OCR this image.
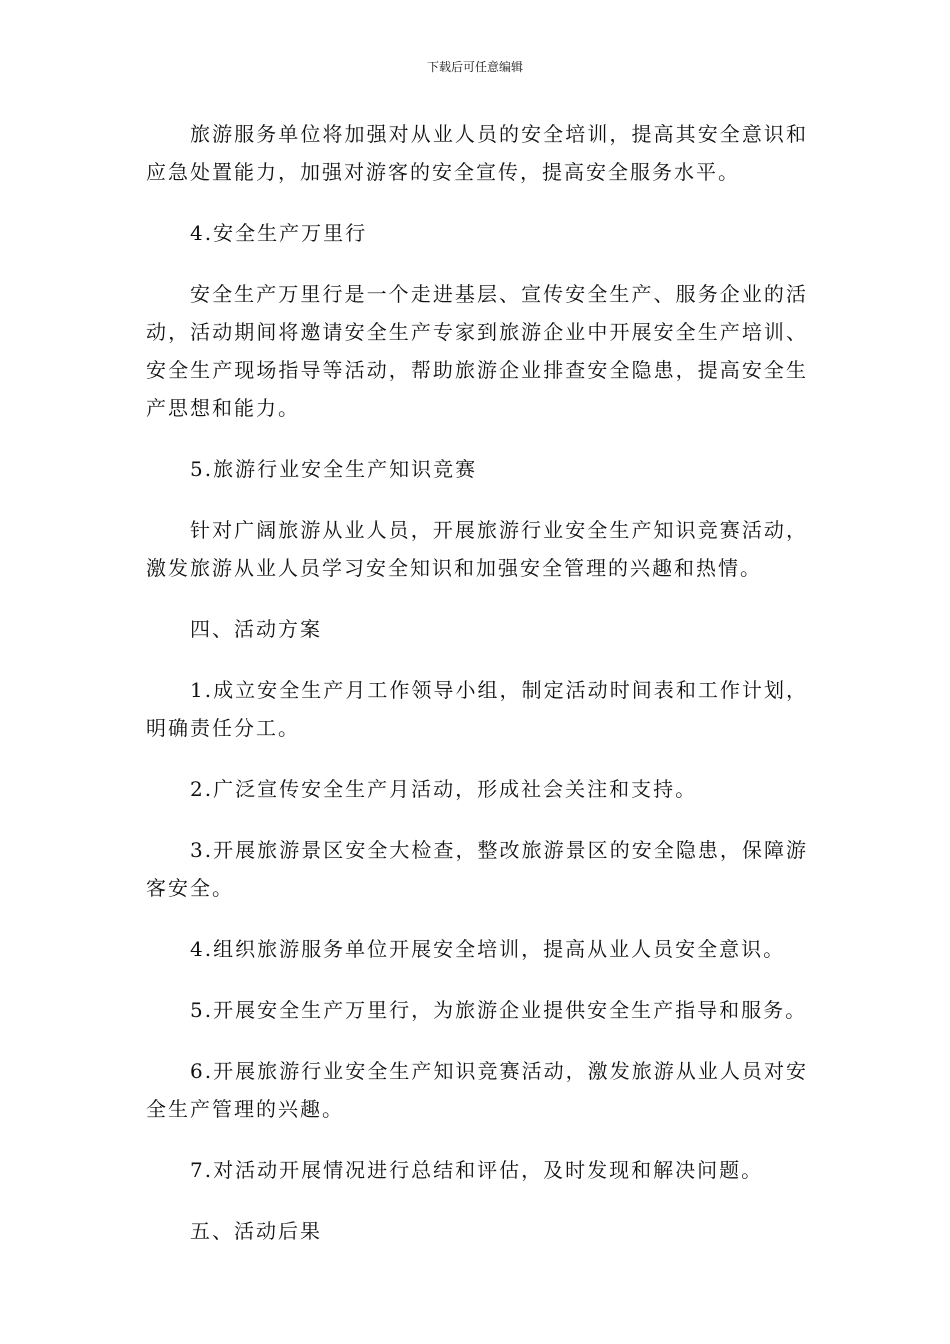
下载后可任意编辑

旅游服务单位将加强对从业人员的安全培训，提高其安全意识和应急处置能力，加强对游客的安全宣传，提高安全服务水平。

4.安全生产万里行

安全生产万里行是一个走进基层、宣传安全生产、服务企业的活动，活动期间将邀请安全生产专家到旅游企业中开展安全生产培训、安全生产现场指导等活动，帮助旅游企业排查安全隐患，提高安全生产思想和能力。

5.旅游行业安全生产知识竞赛

针对广阔旅游从业人员，开展旅游行业安全生产知识竞赛活动，激发旅游从业人员学习安全知识和加强安全管理的兴趣和热情。

四、活动方案

1.成立安全生产月工作领导小组，制定活动时间表和工作计划，明确责任分工。

2.广泛宣传安全生产月活动，形成社会关注和支持。

3.开展旅游景区安全大检查，整改旅游景区的安全隐患，保障游客安全。

4.组织旅游服务单位开展安全培训，提高从业人员安全意识。

5.开展安全生产万里行，为旅游企业提供安全生产指导和服务。

6.开展旅游行业安全生产知识竞赛活动，激发旅游从业人员对安全生产管理的兴趣。

7.对活动开展情况进行总结和评估，及时发现和解决问题。

五、活动后果
